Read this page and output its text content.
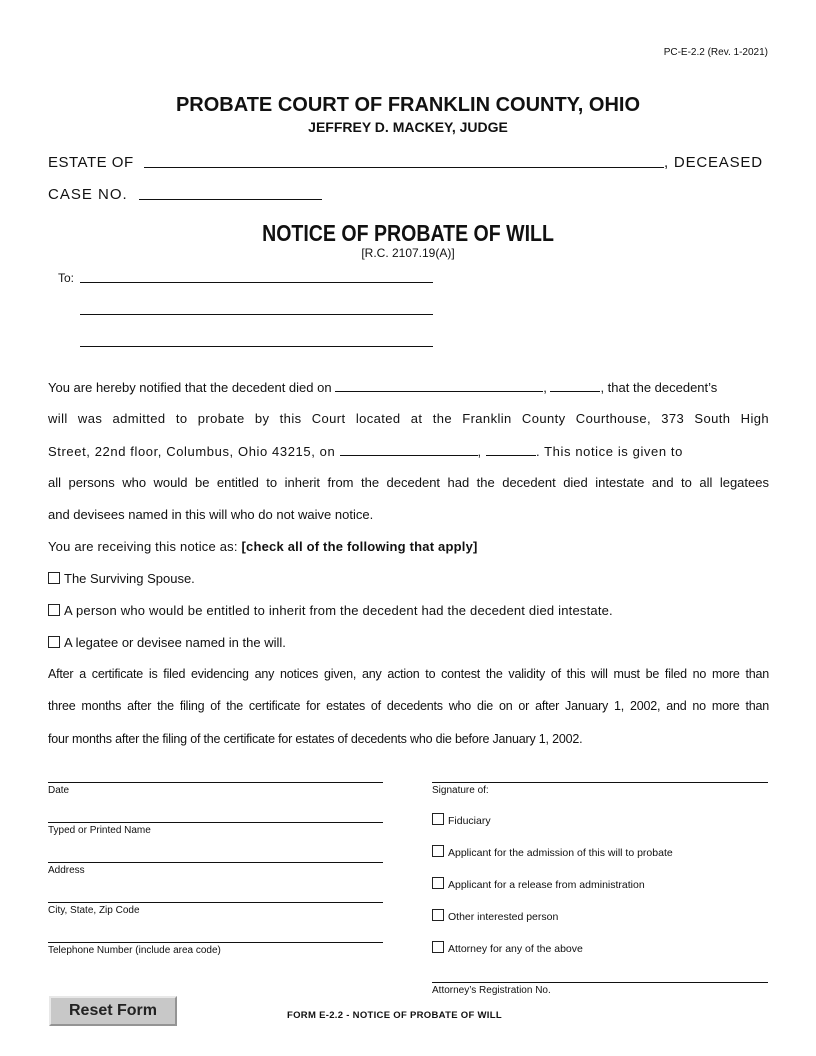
PC-E-2.2 (Rev. 1-2021)
PROBATE COURT OF FRANKLIN COUNTY, OHIO
JEFFREY D. MACKEY, JUDGE
ESTATE OF	, DECEASED
CASE NO.
NOTICE OF PROBATE OF WILL
[R.C. 2107.19(A)]
To:
You are hereby notified that the decedent died on	,	, that the decedent’s
will was admitted to probate by this Court located at the Franklin County Courthouse, 373 South High
Street, 22nd floor, Columbus, Ohio 43215, on	,	. This notice is given to
all persons who would be entitled to inherit from the decedent had the decedent died intestate and to all legatees
and devisees named in this will who do not waive notice.
You are receiving this notice as: [check all of the following that apply]
The Surviving Spouse.
A person who would be entitled to inherit from the decedent had the decedent died intestate.
A legatee or devisee named in the will.
After a certificate is filed evidencing any notices given, any action to contest the validity of this will must be filed no more than
three months after the filing of the certificate for estates of decedents who die on or after January 1, 2002, and no more than
four months after the filing of the certificate for estates of decedents who die before January 1, 2002.
Date
Typed or Printed Name
Address
City, State, Zip Code
Telephone Number (include area code)
Signature of:
Fiduciary
Applicant for the admission of this will to probate
Applicant for a release from administration
Other interested person
Attorney for any of the above
Attorney’s Registration No.
Reset Form	FORM E-2.2 - NOTICE OF PROBATE OF WILL
